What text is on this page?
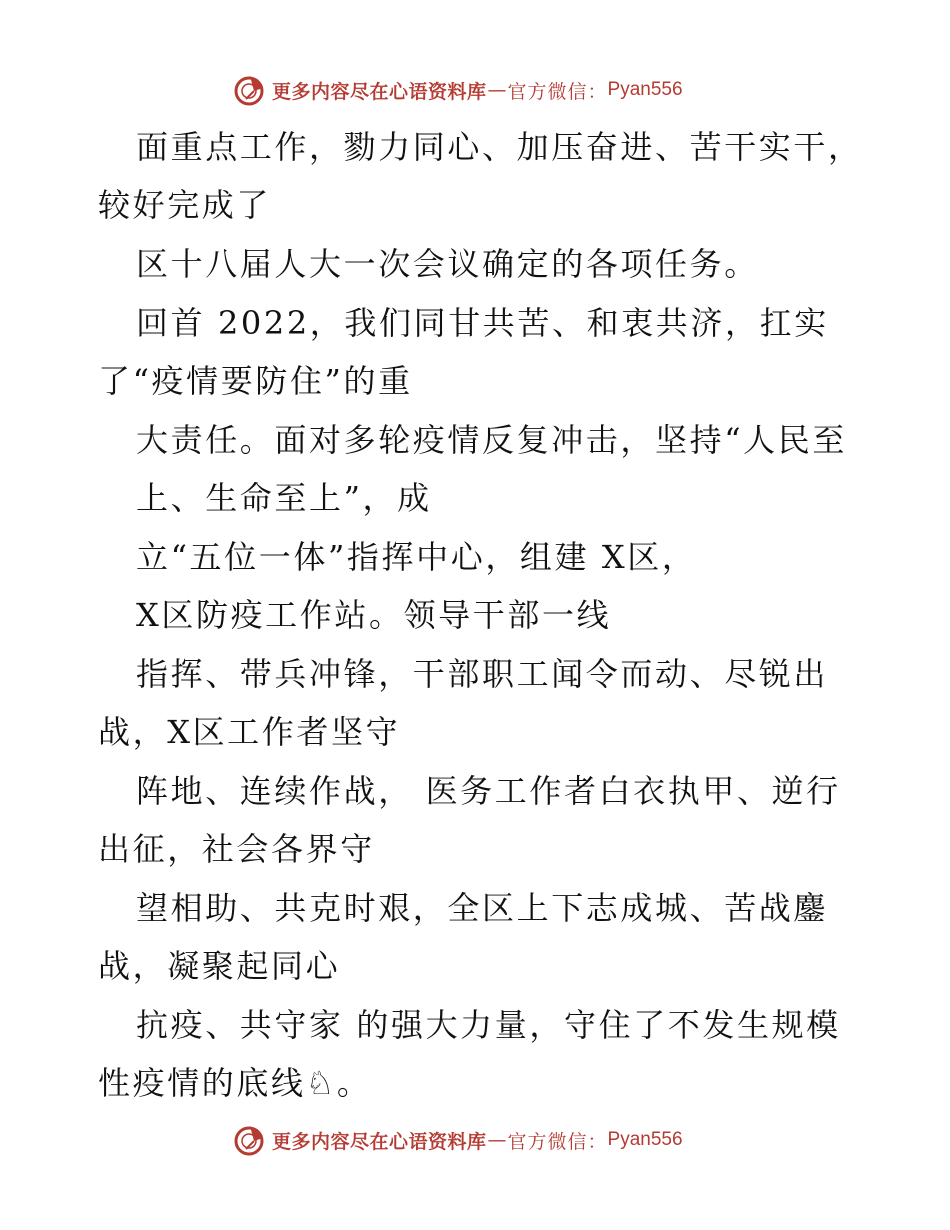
更多内容尽在心语资料库 — 官方微信： Pyan556

面重点工作，勠力同心、加压奋进、苦干实干，

较好完成了

区十八届人大一次会议确定的各项任务。

回首 2022，我们同甘共苦、和衷共济，扛实

了“疫情要防住”的重

大责任。面对多轮疫情反复冲击，坚持“人民至

上、生命至上”，成

立“五位一体”指挥中心，组建 X区，

X区防疫工作站。领导干部一线

指挥、带兵冲锋，干部职工闻令而动、尽锐出

战，X区工作者坚守

阵地、连续作战， 医务工作者白衣执甲、逆行

出征，社会各界守

望相助、共克时艰，全区上下志成城、苦战鏖

战，凝聚起同心

抗疫、共守家 的强大力量，守住了不发生规模

性疫情的底线♘。

更多内容尽在心语资料库 — 官方微信： Pyan556
